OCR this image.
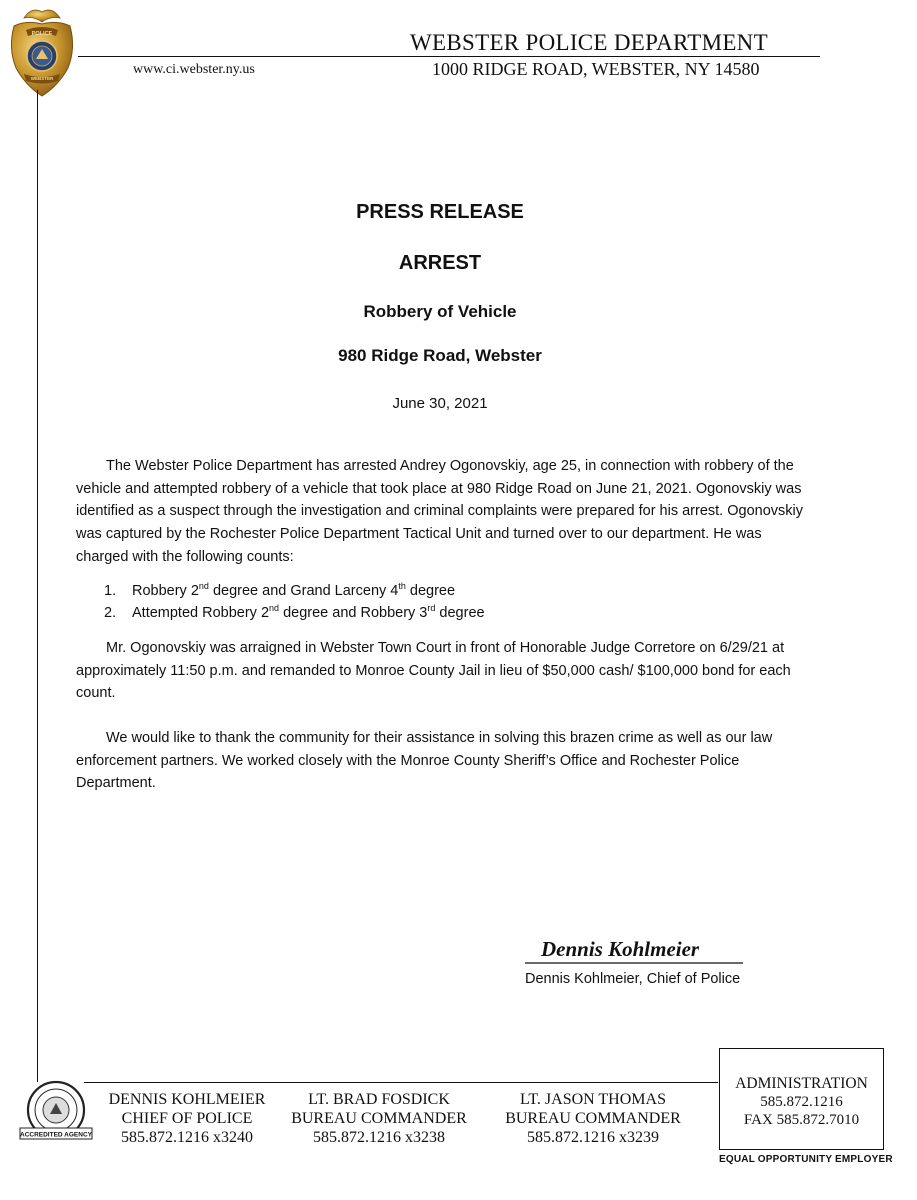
POLICE
WEBSTER
WEBSTER POLICE DEPARTMENT
www.ci.webster.ny.us	1000 RIDGE ROAD, WEBSTER, NY 14580
PRESS RELEASE
ARREST
Robbery of Vehicle
980 Ridge Road, Webster
June 30, 2021
The Webster Police Department has arrested Andrey Ogonovskiy, age 25, in connection with robbery of the vehicle and attempted robbery of a vehicle that took place at 980 Ridge Road on June 21, 2021. Ogonovskiy was identified as a suspect through the investigation and criminal complaints were prepared for his arrest. Ogonovskiy was captured by the Rochester Police Department Tactical Unit and turned over to our department. He was charged with the following counts:
1. Robbery 2nd degree and Grand Larceny 4th degree
2. Attempted Robbery 2nd degree and Robbery 3rd degree
Mr. Ogonovskiy was arraigned in Webster Town Court in front of Honorable Judge Corretore on 6/29/21 at approximately 11:50 p.m. and remanded to Monroe County Jail in lieu of $50,000 cash/ $100,000 bond for each count.
We would like to thank the community for their assistance in solving this brazen crime as well as our law enforcement partners. We worked closely with the Monroe County Sheriff’s Office and Rochester Police Department.
Dennis Kohlmeier
Dennis Kohlmeier, Chief of Police
ACCREDITED AGENCY
DENNIS KOHLMEIER
CHIEF OF POLICE
585.872.1216 x3240
LT. BRAD FOSDICK
BUREAU COMMANDER
585.872.1216 x3238
LT. JASON THOMAS
BUREAU COMMANDER
585.872.1216 x3239
ADMINISTRATION
585.872.1216
FAX 585.872.7010
EQUAL OPPORTUNITY EMPLOYER
